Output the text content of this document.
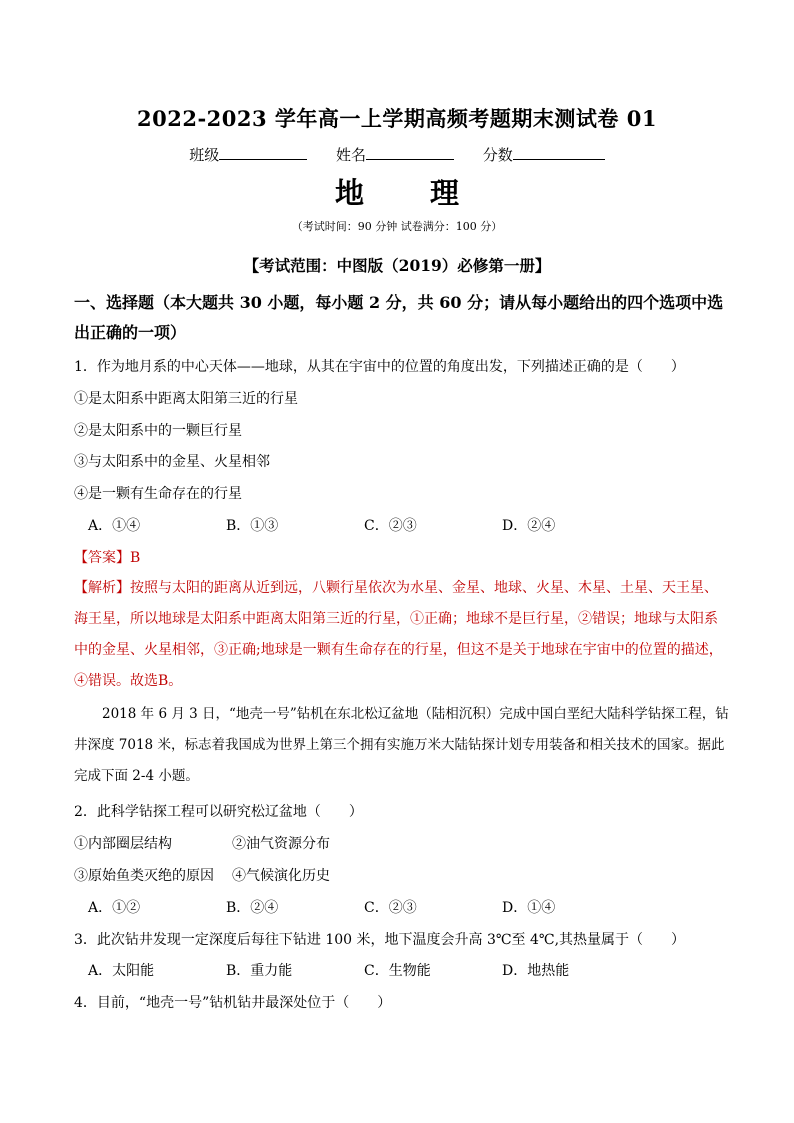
2022-2023 学年高一上学期高频考题期末测试卷 01
班级	姓名	分数
地 理
（考试时间：90 分钟 试卷满分：100 分）
【考试范围：中图版（2019）必修第一册】
一、选择题（本大题共 30 小题，每小题 2 分，共 60 分；请从每小题给出的四个选项中选出正确的一项）
1．作为地月系的中心天体——地球，从其在宇宙中的位置的角度出发，下列描述正确的是（　　）
①是太阳系中距离太阳第三近的行星
②是太阳系中的一颗巨行星
③与太阳系中的金星、火星相邻
④是一颗有生命存在的行星
A．①④	B．①③	C．②③	D．②④
【答案】B
【解析】按照与太阳的距离从近到远，八颗行星依次为水星、金星、地球、火星、木星、土星、天王星、海王星，所以地球是太阳系中距离太阳第三近的行星，①正确；地球不是巨行星，②错误；地球与太阳系中的金星、火星相邻，③正确;地球是一颗有生命存在的行星，但这不是关于地球在宇宙中的位置的描述，④错误。故选B。
2018 年 6 月 3 日，“地壳一号”钻机在东北松辽盆地（陆相沉积）完成中国白垩纪大陆科学钻探工程，钻井深度 7018 米，标志着我国成为世界上第三个拥有实施万米大陆钻探计划专用装备和相关技术的国家。据此完成下面 2-4 小题。
2．此科学钻探工程可以研究松辽盆地（　　）
①内部圈层结构	②油气资源分布
③原始鱼类灭绝的原因 ④气候演化历史
A．①②	B．②④	C．②③	D．①④
3．此次钻井发现一定深度后每往下钻进 100 米，地下温度会升高 3℃至 4℃,其热量属于（　　）
A．太阳能	B．重力能	C．生物能	D．地热能
4．目前，“地壳一号”钻机钻井最深处位于（　　）
